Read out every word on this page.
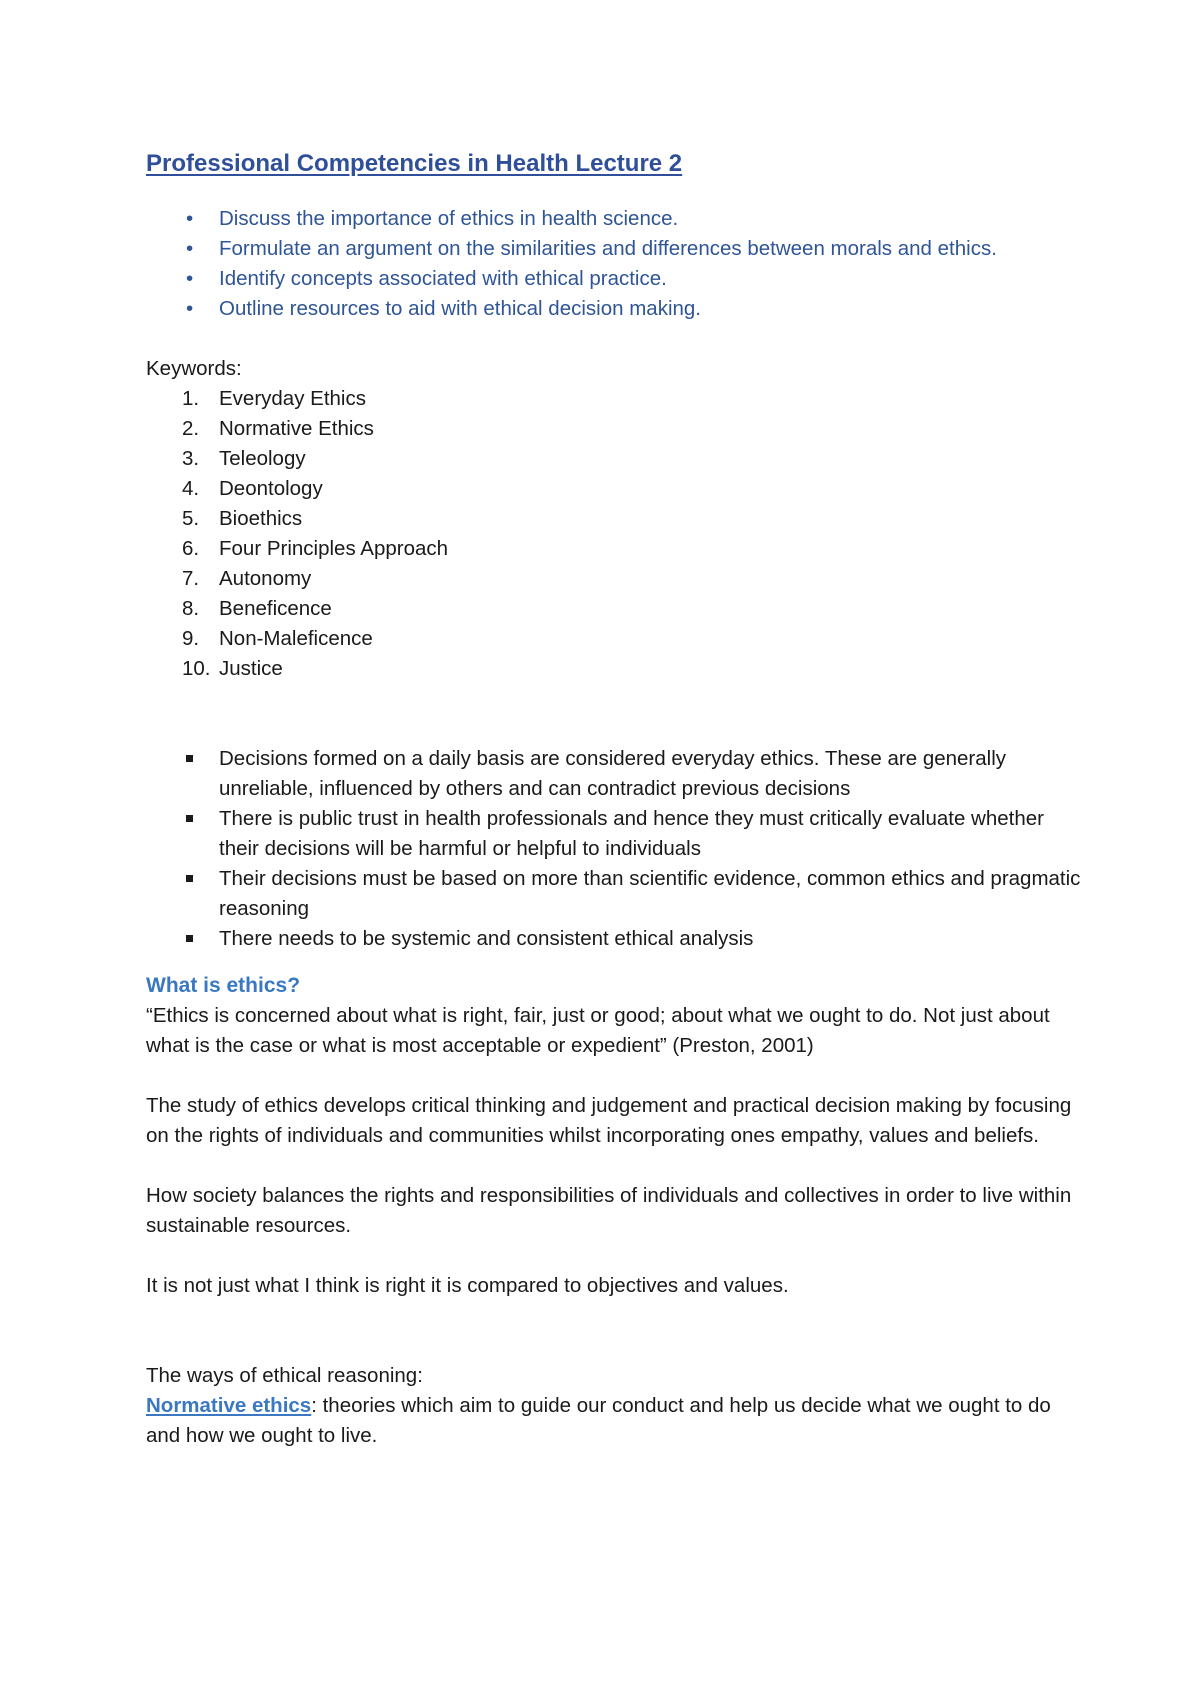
Professional Competencies in Health Lecture 2
• Discuss the importance of ethics in health science.
• Formulate an argument on the similarities and differences between morals and ethics.
• Identify concepts associated with ethical practice.
• Outline resources to aid with ethical decision making.
Keywords:
1. Everyday Ethics
2. Normative Ethics
3. Teleology
4. Deontology
5. Bioethics
6. Four Principles Approach
7. Autonomy
8. Beneficence
9. Non-Maleficence
10. Justice
Decisions formed on a daily basis are considered everyday ethics. These are generally unreliable, influenced by others and can contradict previous decisions
There is public trust in health professionals and hence they must critically evaluate whether their decisions will be harmful or helpful to individuals
Their decisions must be based on more than scientific evidence, common ethics and pragmatic reasoning
There needs to be systemic and consistent ethical analysis
What is ethics?

“Ethics is concerned about what is right, fair, just or good; about what we ought to do. Not just about what is the case or what is most acceptable or expedient” (Preston, 2001)

The study of ethics develops critical thinking and judgement and practical decision making by focusing on the rights of individuals and communities whilst incorporating ones empathy, values and beliefs.

How society balances the rights and responsibilities of individuals and collectives in order to live within sustainable resources.

It is not just what I think is right it is compared to objectives and values.

The ways of ethical reasoning:

Normative ethics: theories which aim to guide our conduct and help us decide what we ought to do and how we ought to live.
